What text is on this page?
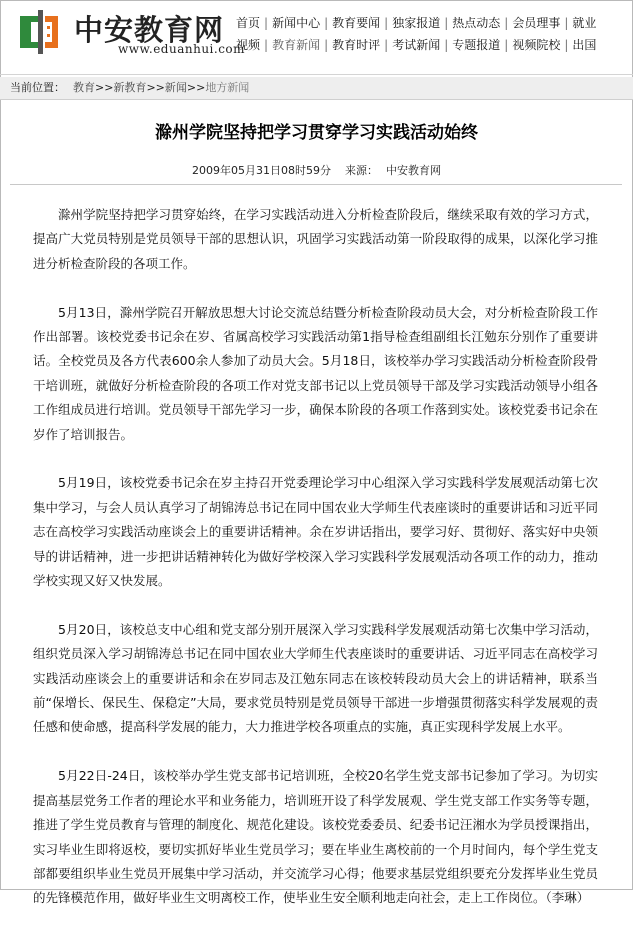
中安教育网
www.eduanhui.com
首页 | 新闻中心 | 教育要闻 | 独家报道 | 热点动态 | 会员理事 | 就业
视频 | 教育新闻 | 教育时评 | 考试新闻 | 专题报道 | 视频院校 | 出国
当前位置： 教育>>新教育>>新闻>>地方新闻
滁州学院坚持把学习贯穿学习实践活动始终
2009年05月31日08时59分 来源： 中安教育网

滁州学院坚持把学习贯穿始终，在学习实践活动进入分析检查阶段后，继续采取有效的学习方式，提高广大党员特别是党员领导干部的思想认识，巩固学习实践活动第一阶段取得的成果，以深化学习推进分析检查阶段的各项工作。

5月13日，滁州学院召开解放思想大讨论交流总结暨分析检查阶段动员大会，对分析检查阶段工作作出部署。该校党委书记余在岁、省属高校学习实践活动第1指导检查组副组长江勉东分别作了重要讲话。全校党员及各方代表600余人参加了动员大会。5月18日，该校举办学习实践活动分析检查阶段骨干培训班，就做好分析检查阶段的各项工作对党支部书记以上党员领导干部及学习实践活动领导小组各工作组成员进行培训。党员领导干部先学习一步，确保本阶段的各项工作落到实处。该校党委书记余在岁作了培训报告。

5月19日，该校党委书记余在岁主持召开党委理论学习中心组深入学习实践科学发展观活动第七次集中学习，与会人员认真学习了胡锦涛总书记在同中国农业大学师生代表座谈时的重要讲话和习近平同志在高校学习实践活动座谈会上的重要讲话精神。余在岁讲话指出，要学习好、贯彻好、落实好中央领导的讲话精神，进一步把讲话精神转化为做好学校深入学习实践科学发展观活动各项工作的动力，推动学校实现又好又快发展。

5月20日，该校总支中心组和党支部分别开展深入学习实践科学发展观活动第七次集中学习活动，组织党员深入学习胡锦涛总书记在同中国农业大学师生代表座谈时的重要讲话、习近平同志在高校学习实践活动座谈会上的重要讲话和余在岁同志及江勉东同志在该校转段动员大会上的讲话精神，联系当前“保增长、保民生、保稳定”大局，要求党员特别是党员领导干部进一步增强贯彻落实科学发展观的责任感和使命感，提高科学发展的能力，大力推进学校各项重点的实施，真正实现科学发展上水平。

5月22日-24日，该校举办学生党支部书记培训班，全校20名学生党支部书记参加了学习。为切实提高基层党务工作者的理论水平和业务能力，培训班开设了科学发展观、学生党支部工作实务等专题，推进了学生党员教育与管理的制度化、规范化建设。该校党委委员、纪委书记汪湘水为学员授课指出，实习毕业生即将返校，要切实抓好毕业生党员学习；要在毕业生离校前的一个月时间内，每个学生党支部都要组织毕业生党员开展集中学习活动，并交流学习心得；他要求基层党组织要充分发挥毕业生党员的先锋模范作用，做好毕业生文明离校工作，使毕业生安全顺利地走向社会，走上工作岗位。（李琳）
